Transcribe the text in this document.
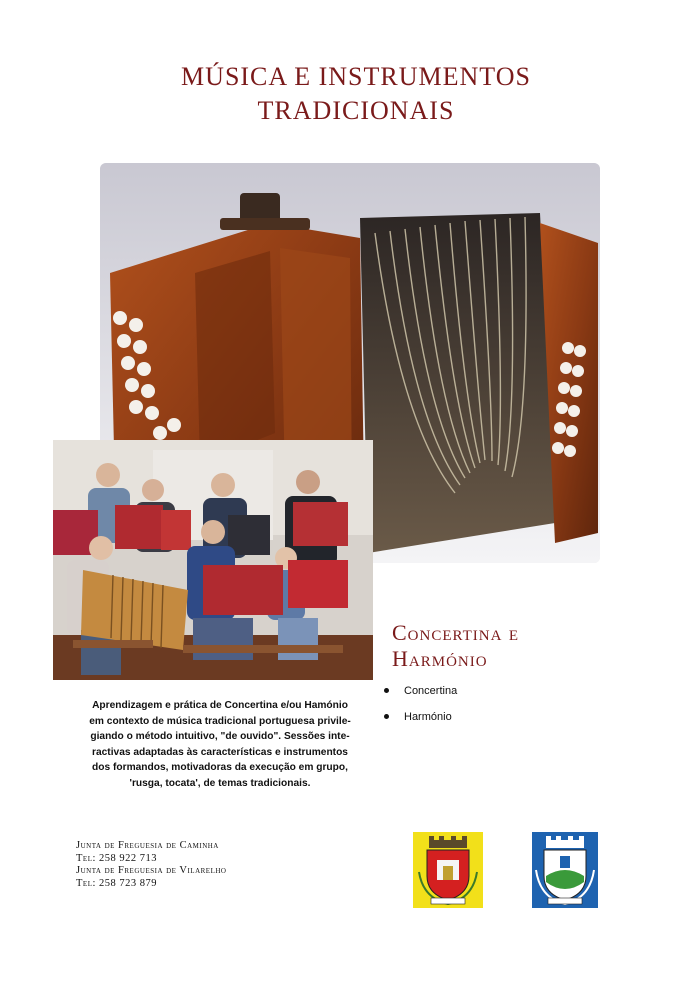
MÚSICA E INSTRUMENTOS
TRADICIONAIS
Concertina e
Harmónio
Concertina
Harmónio
Aprendizagem e prática de Concertina e/ou Hamónio
em contexto de música tradicional portuguesa privile-
giando o método intuitivo, "de ouvido". Sessões inte-
ractivas adaptadas às características e instrumentos
dos formandos, motivadoras da execução em grupo,
'rusga, tocata', de temas tradicionais.
Junta de Freguesia de Caminha
Tel: 258 922 713
Junta de Freguesia de Vilarelho
Tel: 258 723 879
